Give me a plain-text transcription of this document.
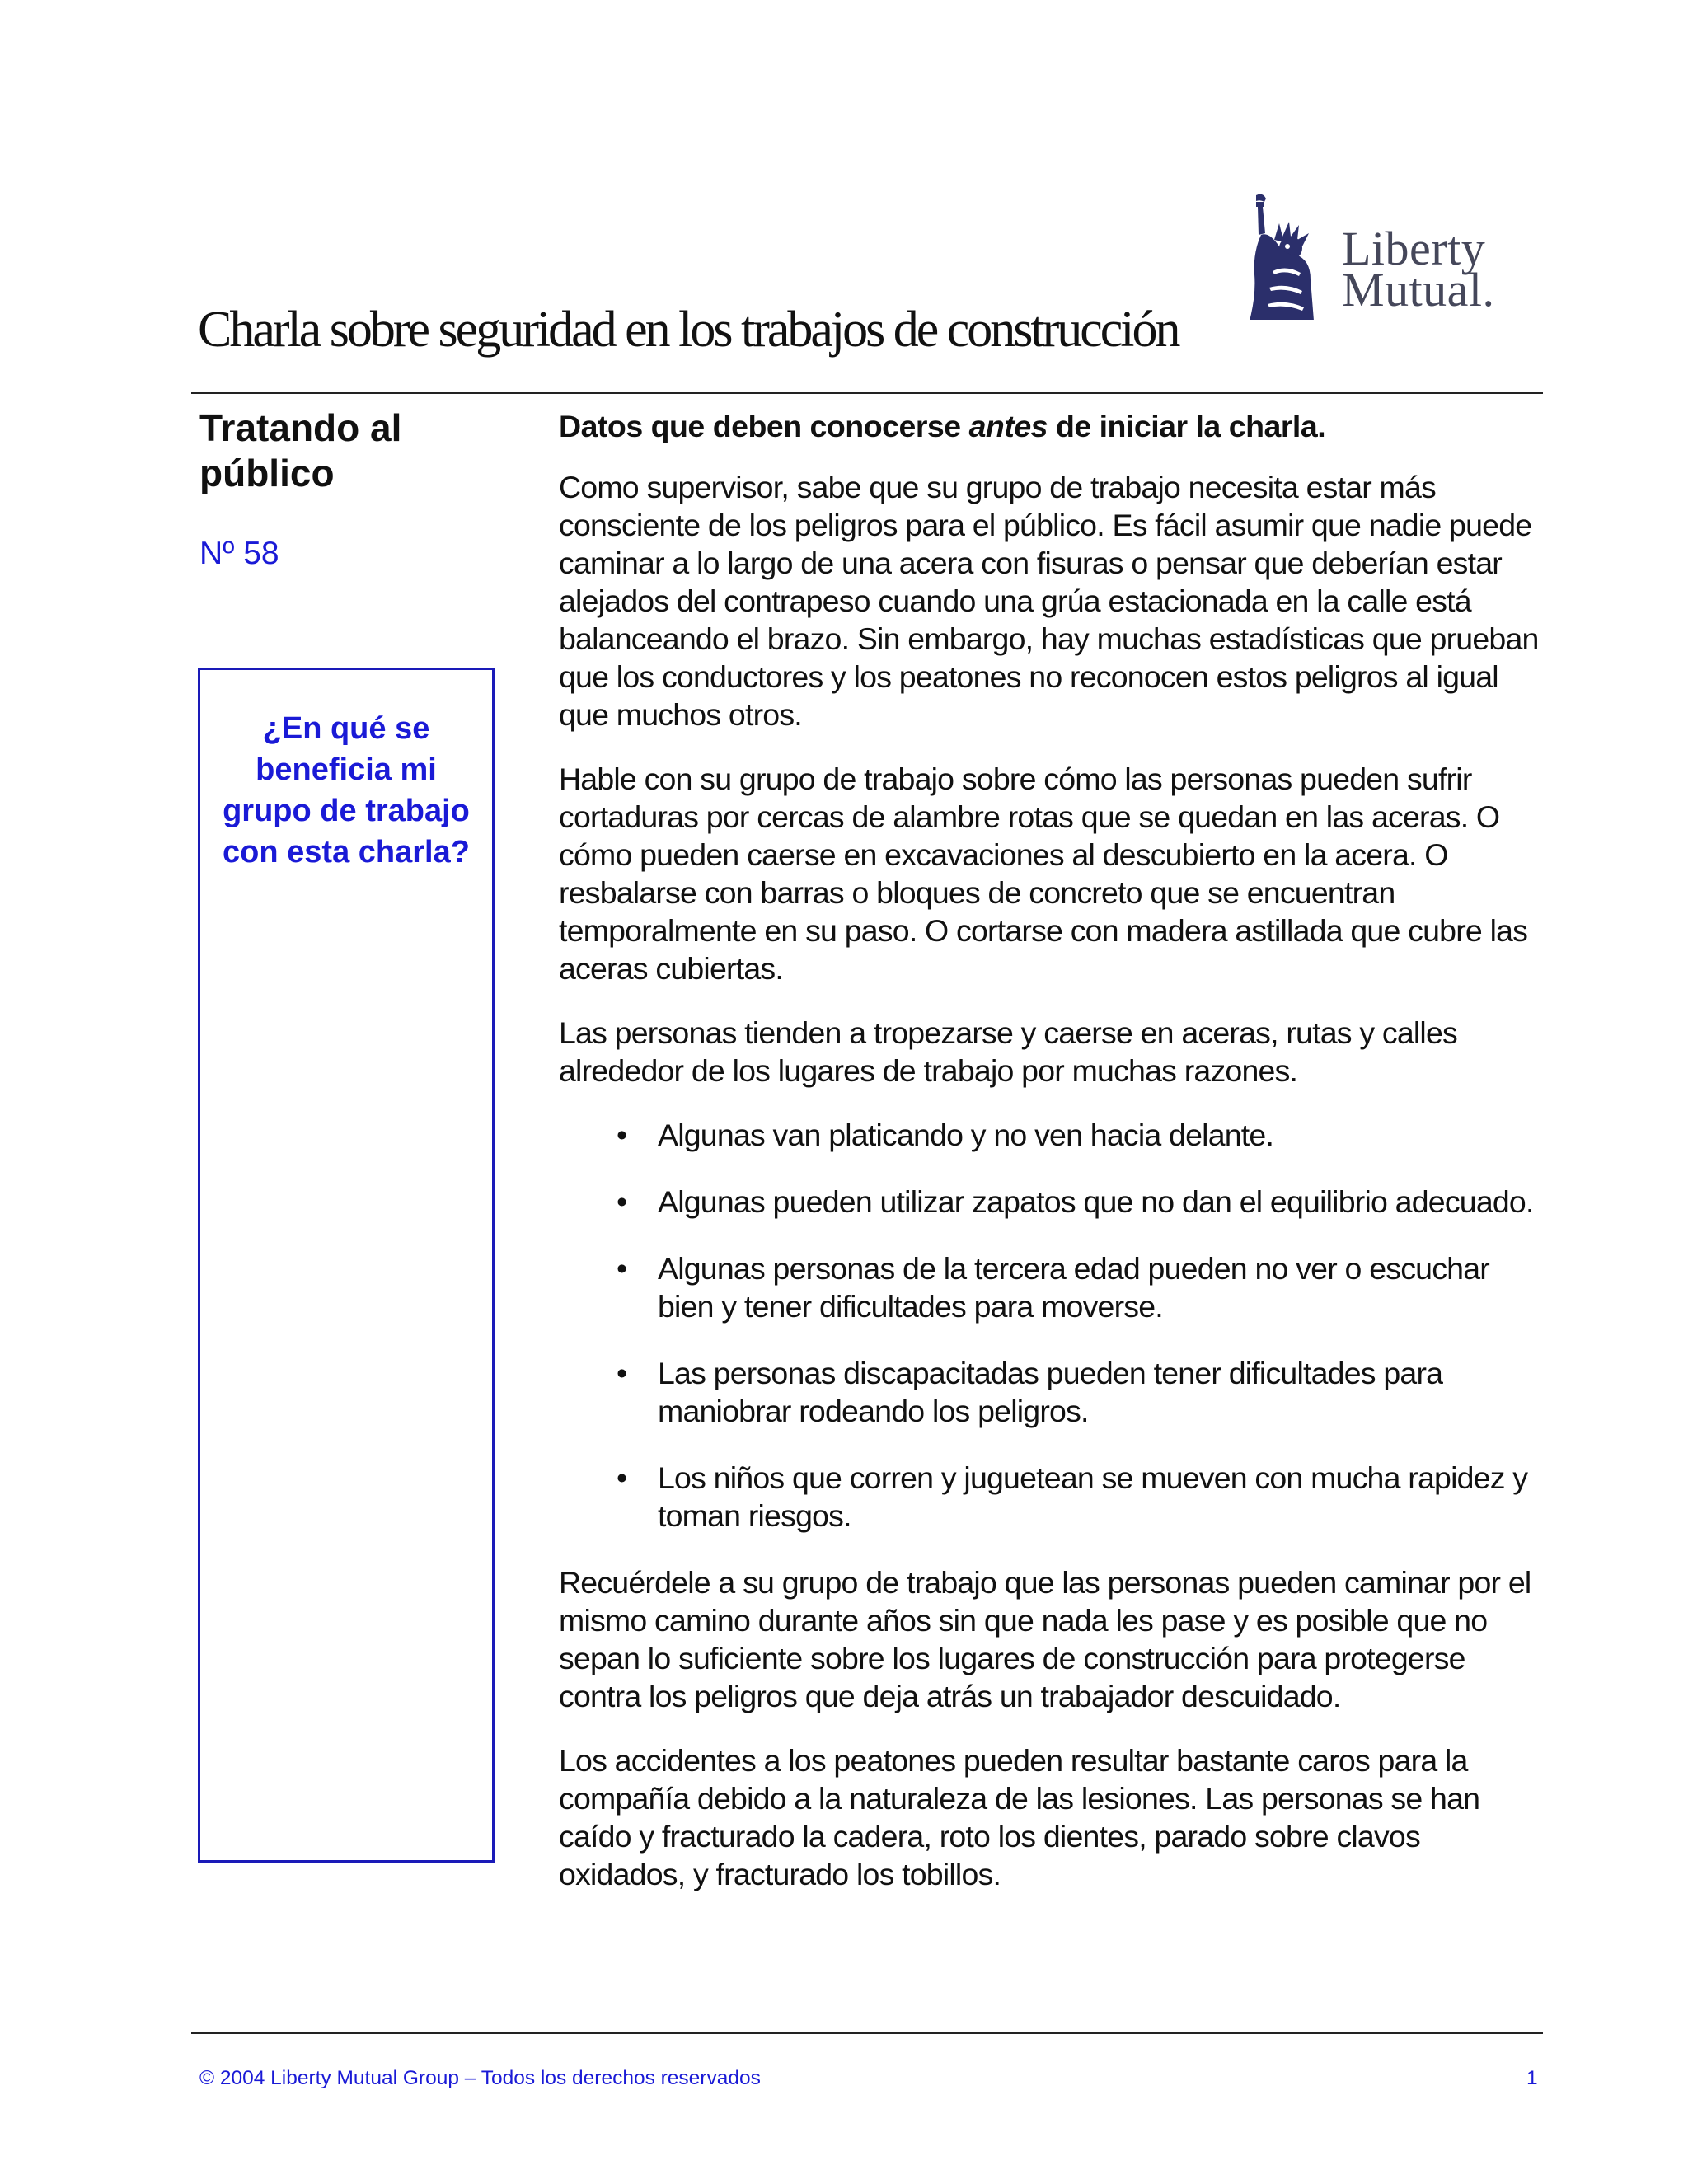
Liberty
Mutual.
Charla sobre seguridad en los trabajos de construcción
Tratando al público
Nº 58
¿En qué se beneficia mi grupo de trabajo con esta charla?

Datos que deben conocerse antes de iniciar la charla.

Como supervisor, sabe que su grupo de trabajo necesita estar más consciente de los peligros para el público. Es fácil asumir que nadie puede caminar a lo largo de una acera con fisuras o pensar que deberían estar alejados del contrapeso cuando una grúa estacionada en la calle está balanceando el brazo. Sin embargo, hay muchas estadísticas que prueban que los conductores y los peatones no reconocen estos peligros al igual que muchos otros.

Hable con su grupo de trabajo sobre cómo las personas pueden sufrir cortaduras por cercas de alambre rotas que se quedan en las aceras. O cómo pueden caerse en excavaciones al descubierto en la acera. O resbalarse con barras o bloques de concreto que se encuentran temporalmente en su paso. O cortarse con madera astillada que cubre las aceras cubiertas.

Las personas tienden a tropezarse y caerse en aceras, rutas y calles alrededor de los lugares de trabajo por muchas razones.

• Algunas van platicando y no ven hacia delante.
• Algunas pueden utilizar zapatos que no dan el equilibrio adecuado.
• Algunas personas de la tercera edad pueden no ver o escuchar bien y tener dificultades para moverse.
• Las personas discapacitadas pueden tener dificultades para maniobrar rodeando los peligros.
• Los niños que corren y juguetean se mueven con mucha rapidez y toman riesgos.

Recuérdele a su grupo de trabajo que las personas pueden caminar por el mismo camino durante años sin que nada les pase y es posible que no sepan lo suficiente sobre los lugares de construcción para protegerse contra los peligros que deja atrás un trabajador descuidado.

Los accidentes a los peatones pueden resultar bastante caros para la compañía debido a la naturaleza de las lesiones. Las personas se han caído y fracturado la cadera, roto los dientes, parado sobre clavos oxidados, y fracturado los tobillos.

© 2004 Liberty Mutual Group – Todos los derechos reservados	1
